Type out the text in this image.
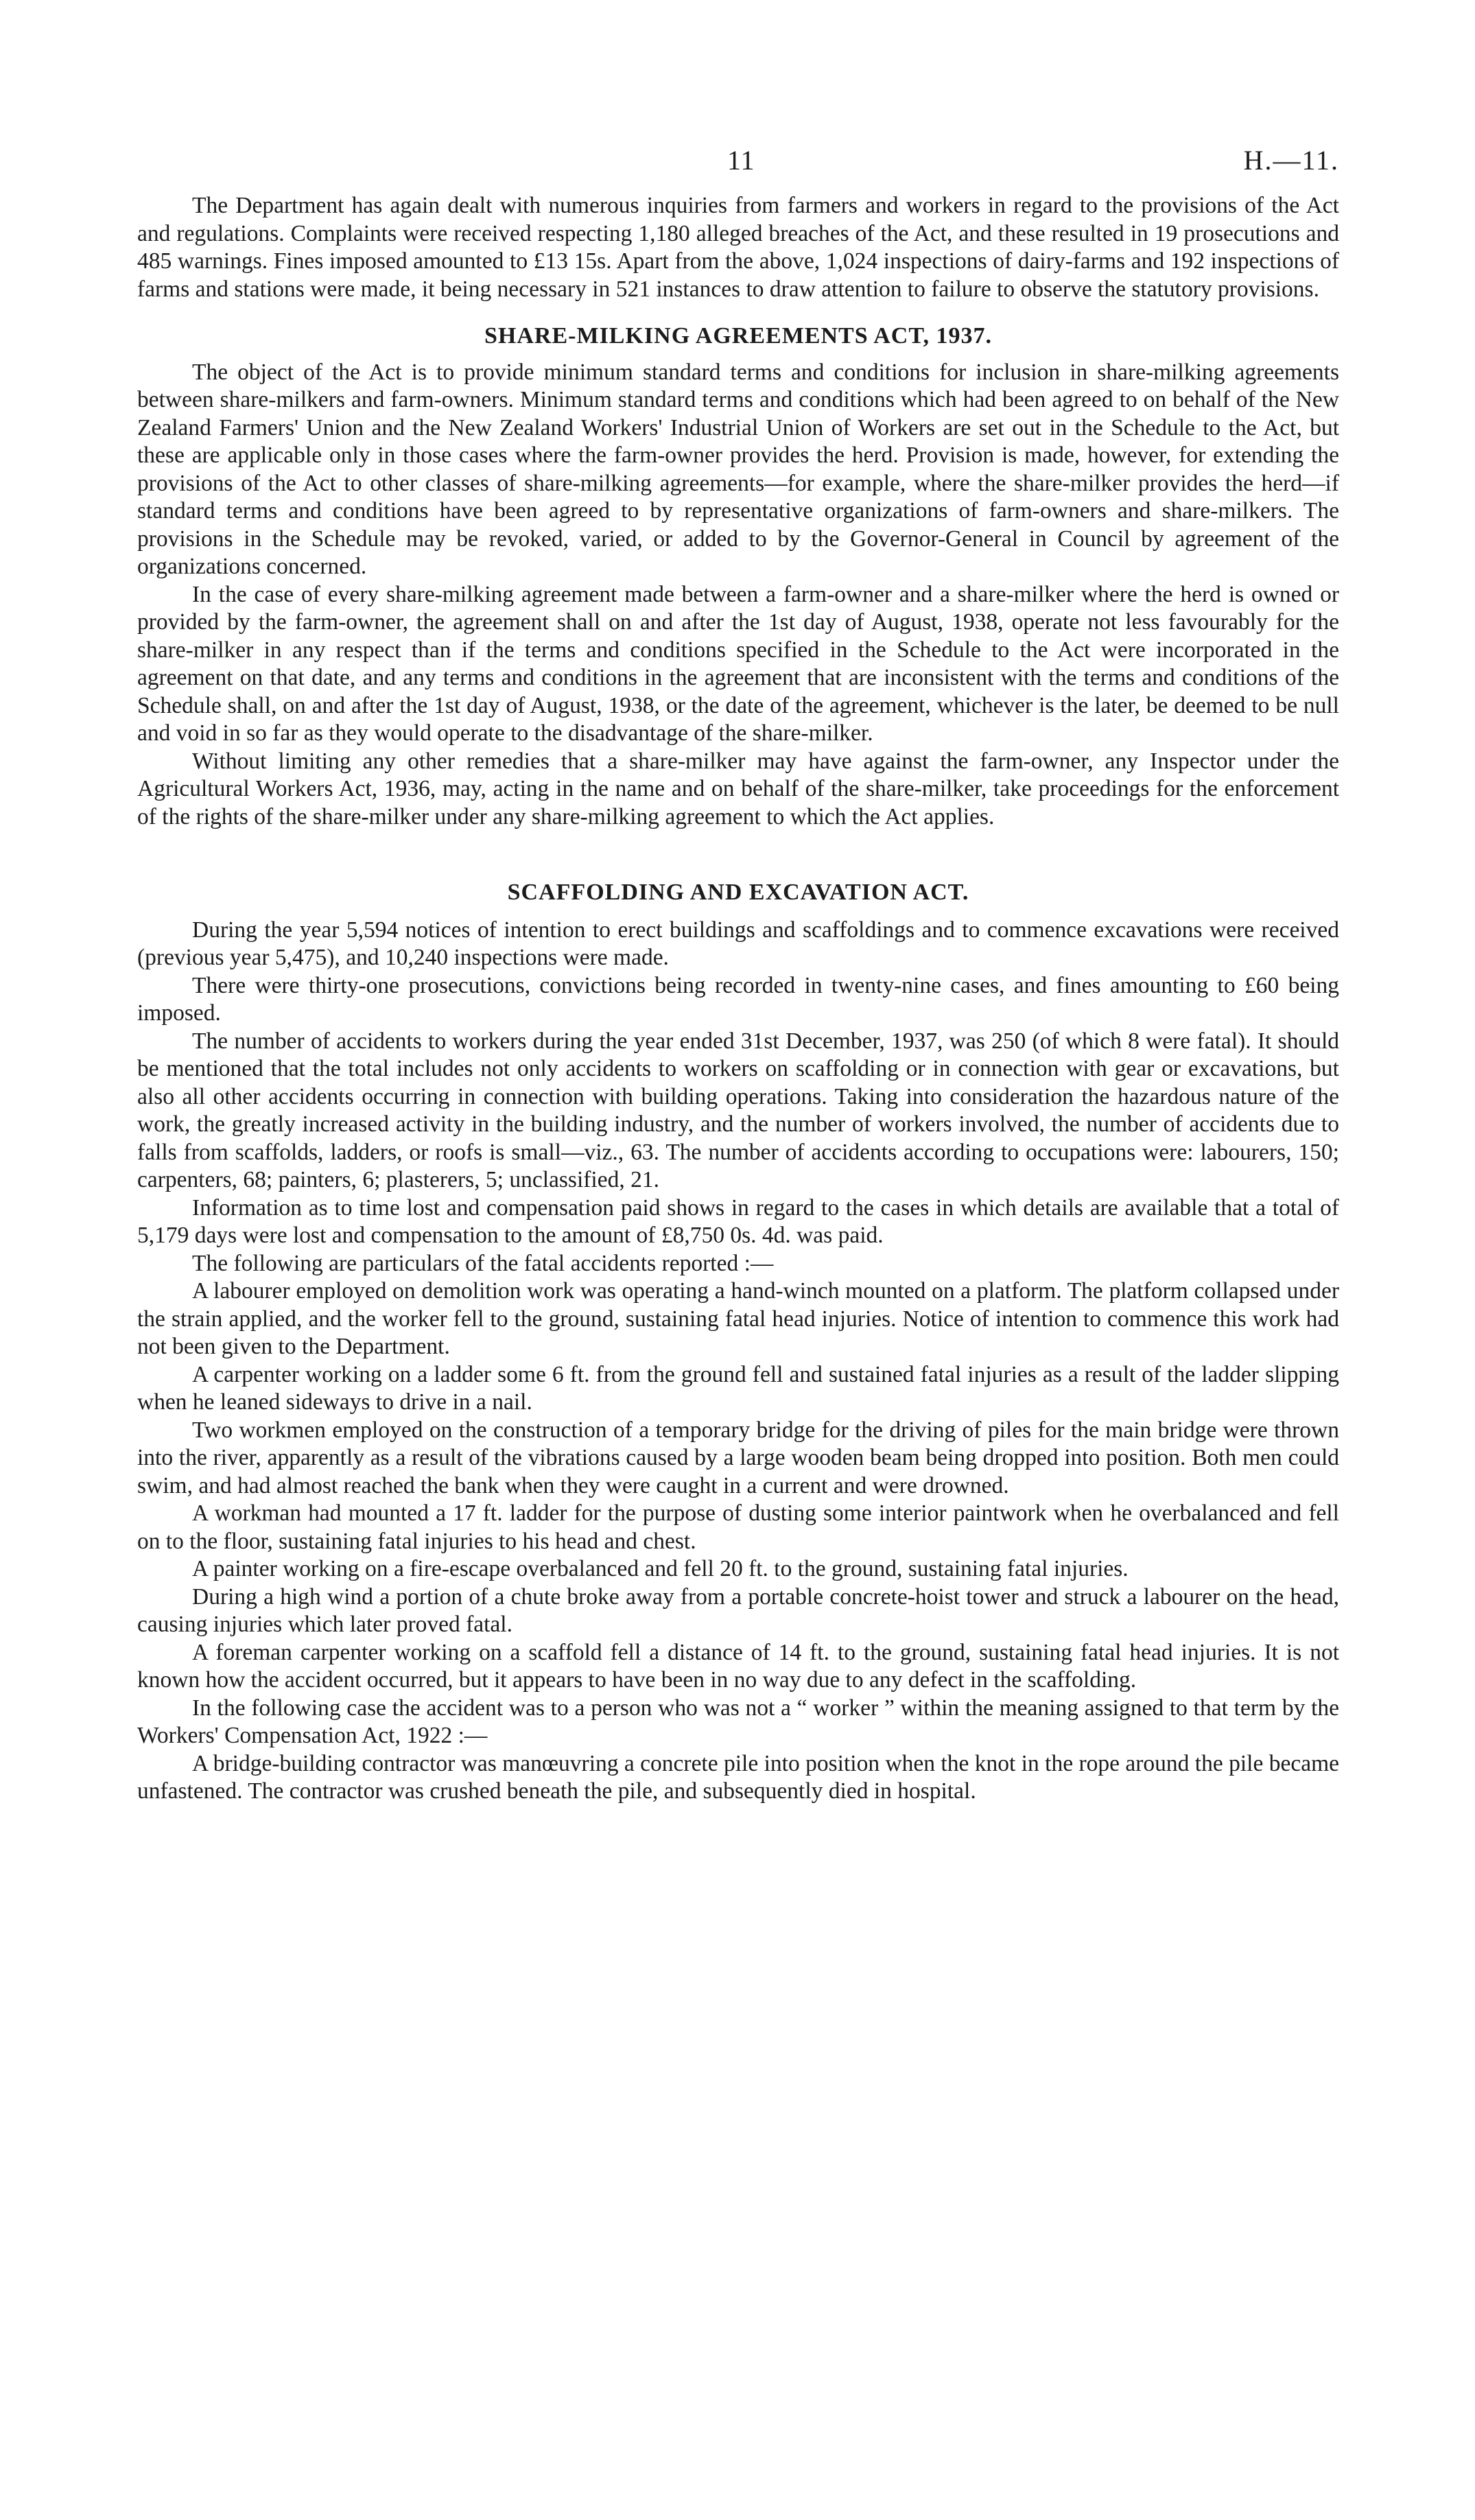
11	H.—11.

The Department has again dealt with numerous inquiries from farmers and workers in regard to the provisions of the Act and regulations. Complaints were received respecting 1,180 alleged breaches of the Act, and these resulted in 19 prosecutions and 485 warnings. Fines imposed amounted to £13 15s. Apart from the above, 1,024 inspections of dairy-farms and 192 inspections of farms and stations were made, it being necessary in 521 instances to draw attention to failure to observe the statutory provisions.

SHARE-MILKING AGREEMENTS ACT, 1937.

The object of the Act is to provide minimum standard terms and conditions for inclusion in share-milking agreements between share-milkers and farm-owners. Minimum standard terms and conditions which had been agreed to on behalf of the New Zealand Farmers' Union and the New Zealand Workers' Industrial Union of Workers are set out in the Schedule to the Act, but these are applicable only in those cases where the farm-owner provides the herd. Provision is made, however, for extending the provisions of the Act to other classes of share-milking agreements—for example, where the share-milker provides the herd—if standard terms and conditions have been agreed to by representative organizations of farm-owners and share-milkers. The provisions in the Schedule may be revoked, varied, or added to by the Governor-General in Council by agreement of the organizations concerned.

In the case of every share-milking agreement made between a farm-owner and a share-milker where the herd is owned or provided by the farm-owner, the agreement shall on and after the 1st day of August, 1938, operate not less favourably for the share-milker in any respect than if the terms and conditions specified in the Schedule to the Act were incorporated in the agreement on that date, and any terms and conditions in the agreement that are inconsistent with the terms and conditions of the Schedule shall, on and after the 1st day of August, 1938, or the date of the agreement, whichever is the later, be deemed to be null and void in so far as they would operate to the disadvantage of the share-milker.

Without limiting any other remedies that a share-milker may have against the farm-owner, any Inspector under the Agricultural Workers Act, 1936, may, acting in the name and on behalf of the share-milker, take proceedings for the enforcement of the rights of the share-milker under any share-milking agreement to which the Act applies.

SCAFFOLDING AND EXCAVATION ACT.

During the year 5,594 notices of intention to erect buildings and scaffoldings and to commence excavations were received (previous year 5,475), and 10,240 inspections were made.

There were thirty-one prosecutions, convictions being recorded in twenty-nine cases, and fines amounting to £60 being imposed.

The number of accidents to workers during the year ended 31st December, 1937, was 250 (of which 8 were fatal). It should be mentioned that the total includes not only accidents to workers on scaffolding or in connection with gear or excavations, but also all other accidents occurring in connection with building operations. Taking into consideration the hazardous nature of the work, the greatly increased activity in the building industry, and the number of workers involved, the number of accidents due to falls from scaffolds, ladders, or roofs is small—viz., 63. The number of accidents according to occupations were: labourers, 150; carpenters, 68; painters, 6; plasterers, 5; unclassified, 21.

Information as to time lost and compensation paid shows in regard to the cases in which details are available that a total of 5,179 days were lost and compensation to the amount of £8,750 0s. 4d. was paid.

The following are particulars of the fatal accidents reported :—

A labourer employed on demolition work was operating a hand-winch mounted on a platform. The platform collapsed under the strain applied, and the worker fell to the ground, sustaining fatal head injuries. Notice of intention to commence this work had not been given to the Department.

A carpenter working on a ladder some 6 ft. from the ground fell and sustained fatal injuries as a result of the ladder slipping when he leaned sideways to drive in a nail.

Two workmen employed on the construction of a temporary bridge for the driving of piles for the main bridge were thrown into the river, apparently as a result of the vibrations caused by a large wooden beam being dropped into position. Both men could swim, and had almost reached the bank when they were caught in a current and were drowned.

A workman had mounted a 17 ft. ladder for the purpose of dusting some interior paintwork when he overbalanced and fell on to the floor, sustaining fatal injuries to his head and chest.

A painter working on a fire-escape overbalanced and fell 20 ft. to the ground, sustaining fatal injuries.

During a high wind a portion of a chute broke away from a portable concrete-hoist tower and struck a labourer on the head, causing injuries which later proved fatal.

A foreman carpenter working on a scaffold fell a distance of 14 ft. to the ground, sustaining fatal head injuries. It is not known how the accident occurred, but it appears to have been in no way due to any defect in the scaffolding.

In the following case the accident was to a person who was not a “ worker ” within the meaning assigned to that term by the Workers' Compensation Act, 1922 :—

A bridge-building contractor was manœuvring a concrete pile into position when the knot in the rope around the pile became unfastened. The contractor was crushed beneath the pile, and subsequently died in hospital.
